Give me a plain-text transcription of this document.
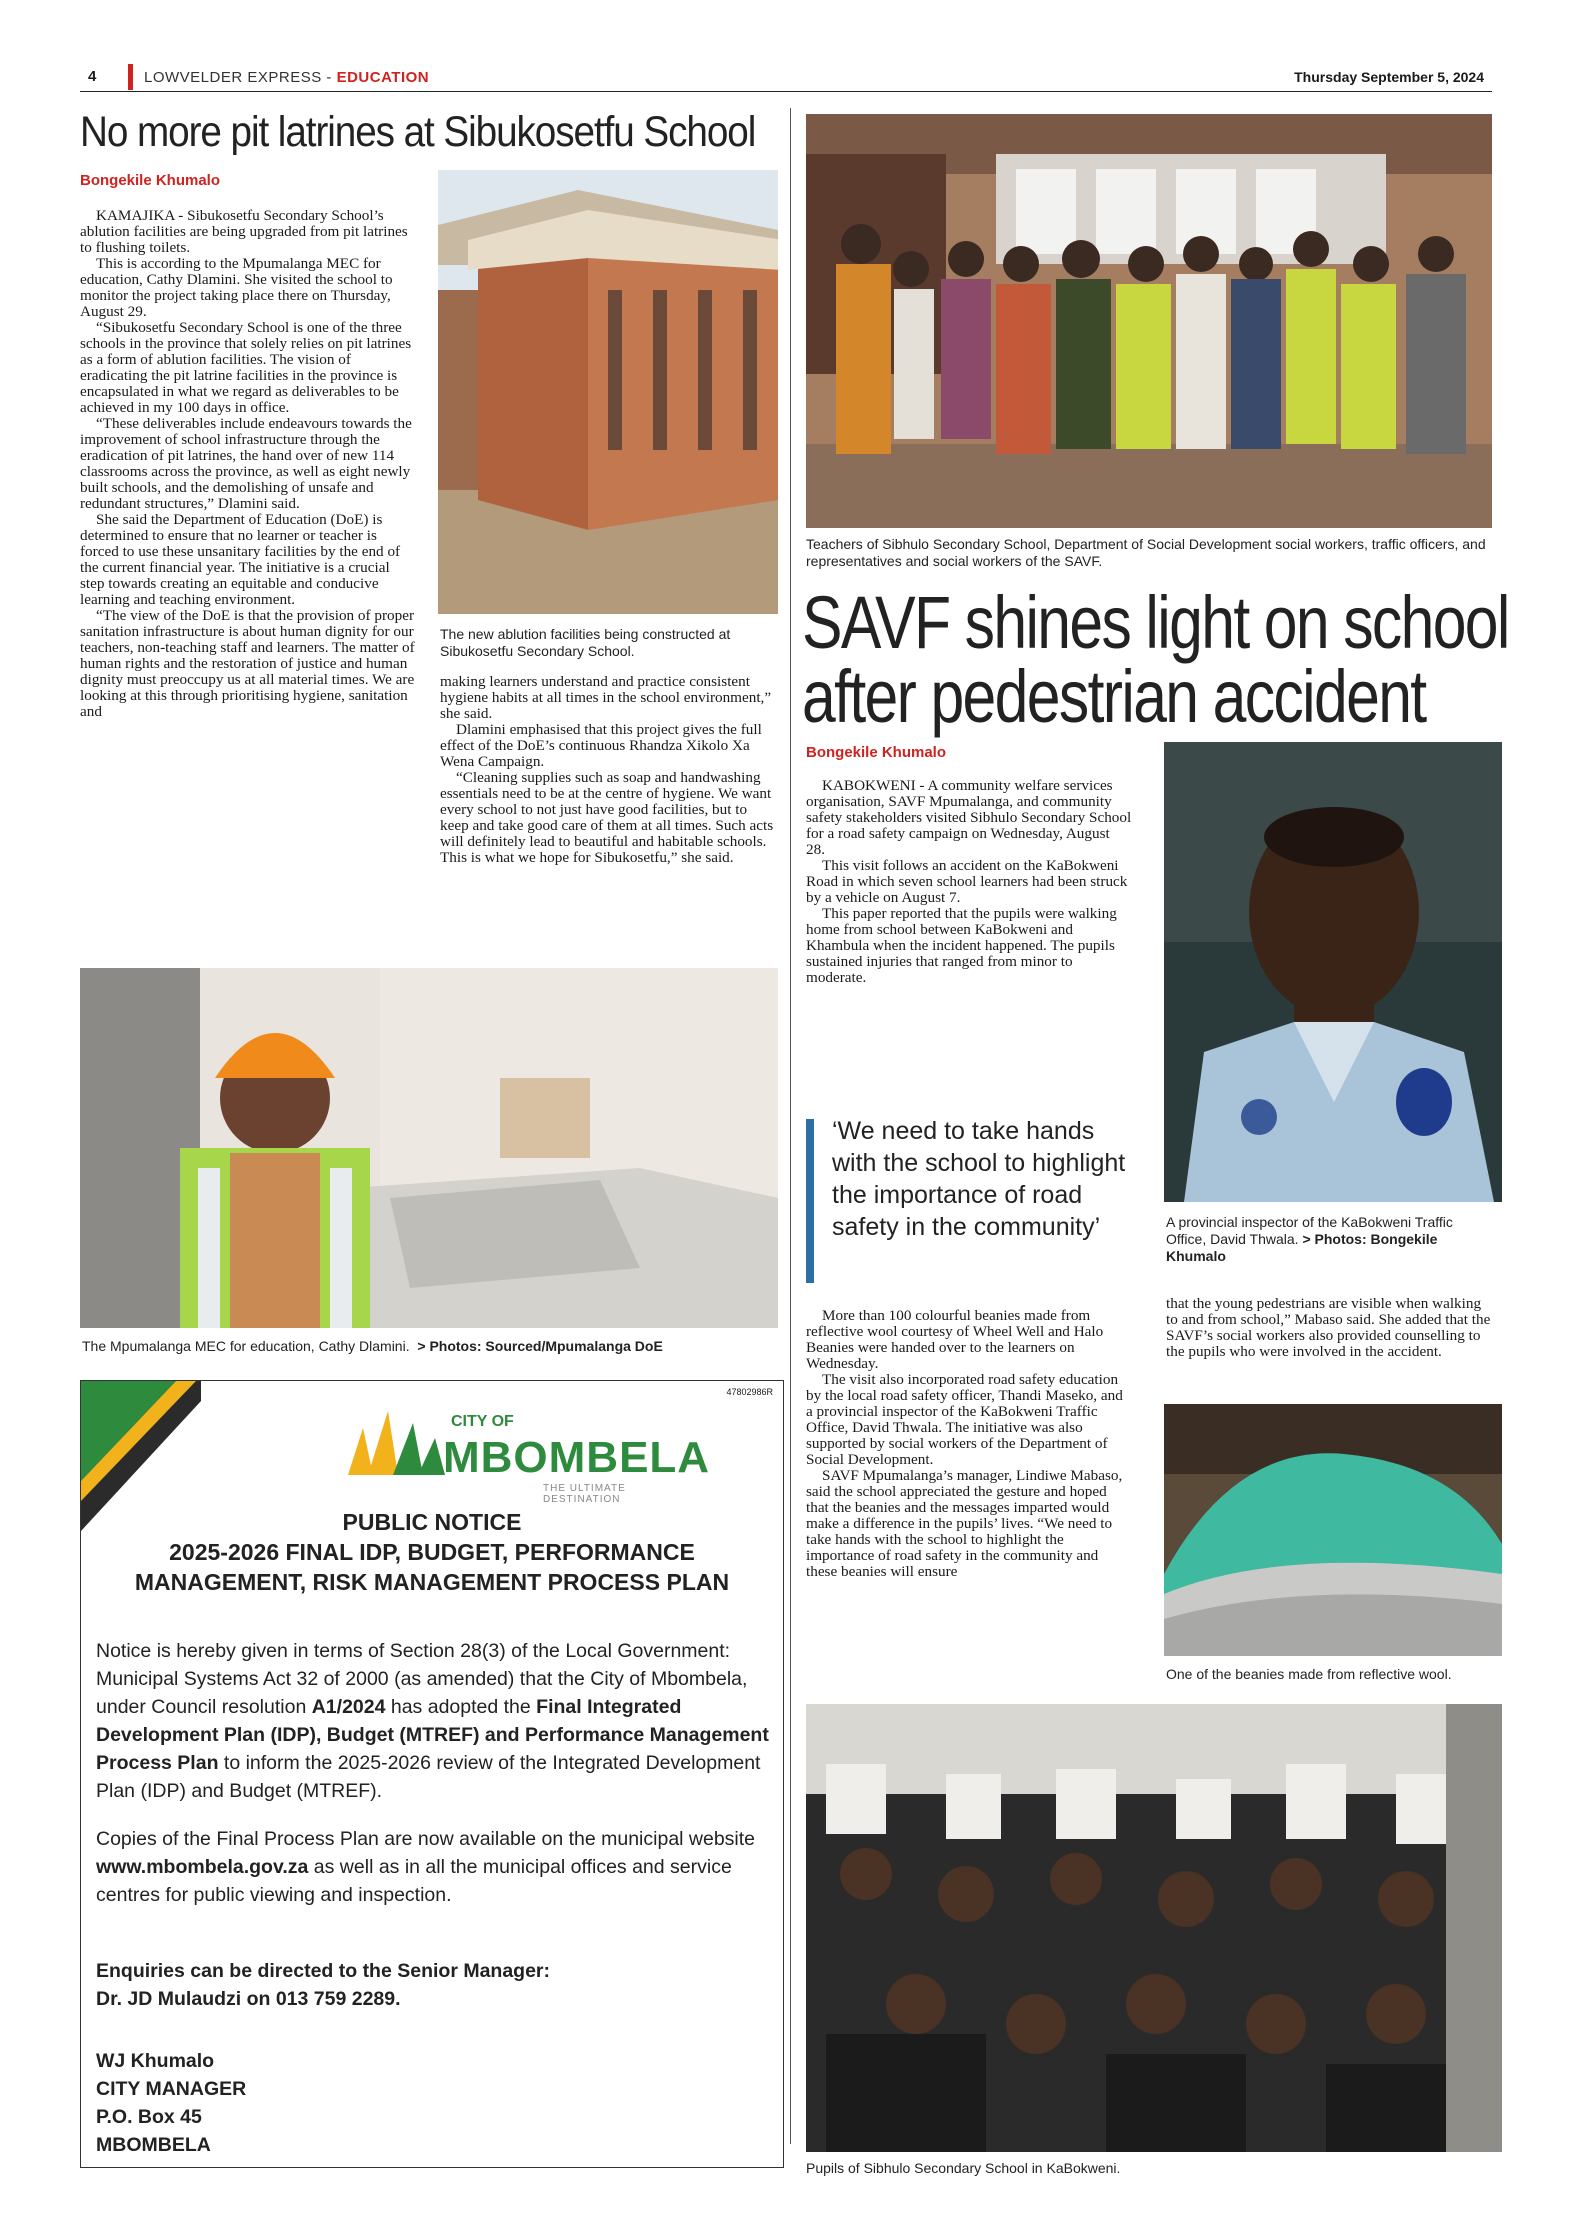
4	LOWVELDER EXPRESS - EDUCATION	Thursday September 5, 2024
No more pit latrines at Sibukosetfu School
Bongekile Khumalo

KAMAJIKA - Sibukosetfu Secondary School’s ablution facilities are being upgraded from pit latrines to flushing toilets.

This is according to the Mpumalanga MEC for education, Cathy Dlamini. She visited the school to monitor the project taking place there on Thursday, August 29.

“Sibukosetfu Secondary School is one of the three schools in the province that solely relies on pit latrines as a form of ablution facilities. The vision of eradicating the pit latrine facilities in the province is encapsulated in what we regard as deliverables to be achieved in my 100 days in office.

“These deliverables include endeavours towards the improvement of school infrastructure through the eradication of pit latrines, the hand over of new 114 classrooms across the province, as well as eight newly built schools, and the demolishing of unsafe and redundant structures,” Dlamini said.

She said the Department of Education (DoE) is determined to ensure that no learner or teacher is forced to use these unsanitary facilities by the end of the current financial year. The initiative is a crucial step towards creating an equitable and conducive learning and teaching environment.

“The view of the DoE is that the provision of proper sanitation infrastructure is about human dignity for our teachers, non-teaching staff and learners. The matter of human rights and the restoration of justice and human dignity must preoccupy us at all material times. We are looking at this through prioritising hygiene, sanitation and

The new ablution facilities being constructed at Sibukosetfu Secondary School.

making learners understand and practice consistent hygiene habits at all times in the school environment,” she said.

Dlamini emphasised that this project gives the full effect of the DoE’s continuous Rhandza Xikolo Xa Wena Campaign.

“Cleaning supplies such as soap and handwashing essentials need to be at the centre of hygiene. We want every school to not just have good facilities, but to keep and take good care of them at all times. Such acts will definitely lead to beautiful and habitable schools. This is what we hope for Sibukosetfu,” she said.

The Mpumalanga MEC for education, Cathy Dlamini. > Photos: Sourced/Mpumalanga DoE
47802986R
CITY OF
MBOMBELA
THE ULTIMATE DESTINATION
PUBLIC NOTICE
2025-2026 FINAL IDP, BUDGET, PERFORMANCE
MANAGEMENT, RISK MANAGEMENT PROCESS PLAN
Notice is hereby given in terms of Section 28(3) of the Local Government: Municipal Systems Act 32 of 2000 (as amended) that the City of Mbombela, under Council resolution A1/2024 has adopted the Final Integrated Development Plan (IDP), Budget (MTREF) and Performance Management Process Plan to inform the 2025-2026 review of the Integrated Development Plan (IDP) and Budget (MTREF).
Copies of the Final Process Plan are now available on the municipal website www.mbombela.gov.za as well as in all the municipal offices and service centres for public viewing and inspection.
Enquiries can be directed to the Senior Manager:
Dr. JD Mulaudzi on 013 759 2289.
WJ Khumalo
CITY MANAGER
P.O. Box 45
MBOMBELA
Teachers of Sibhulo Secondary School, Department of Social Development social workers, traffic officers, and representatives and social workers of the SAVF.
SAVF shines light on school
after pedestrian accident
Bongekile Khumalo

KABOKWENI - A community welfare services organisation, SAVF Mpumalanga, and community safety stakeholders visited Sibhulo Secondary School for a road safety campaign on Wednesday, August 28.

This visit follows an accident on the KaBokweni Road in which seven school learners had been struck by a vehicle on August 7.

This paper reported that the pupils were walking home from school between KaBokweni and Khambula when the incident happened. The pupils sustained injuries that ranged from minor to moderate.

‘We need to take hands with the school to highlight the importance of road safety in the community’

More than 100 colourful beanies made from reflective wool courtesy of Wheel Well and Halo Beanies were handed over to the learners on Wednesday.

The visit also incorporated road safety education by the local road safety officer, Thandi Maseko, and a provincial inspector of the KaBokweni Traffic Office, David Thwala. The initiative was also supported by social workers of the Department of Social Development.

SAVF Mpumalanga’s manager, Lindiwe Mabaso, said the school appreciated the gesture and hoped that the beanies and the messages imparted would make a difference in the pupils’ lives. “We need to take hands with the school to highlight the importance of road safety in the community and these beanies will ensure

A provincial inspector of the KaBokweni Traffic Office, David Thwala. > Photos: Bongekile Khumalo

that the young pedestrians are visible when walking to and from school,” Mabaso said. She added that the SAVF’s social workers also provided counselling to the pupils who were involved in the accident.

One of the beanies made from reflective wool.
Pupils of Sibhulo Secondary School in KaBokweni.
